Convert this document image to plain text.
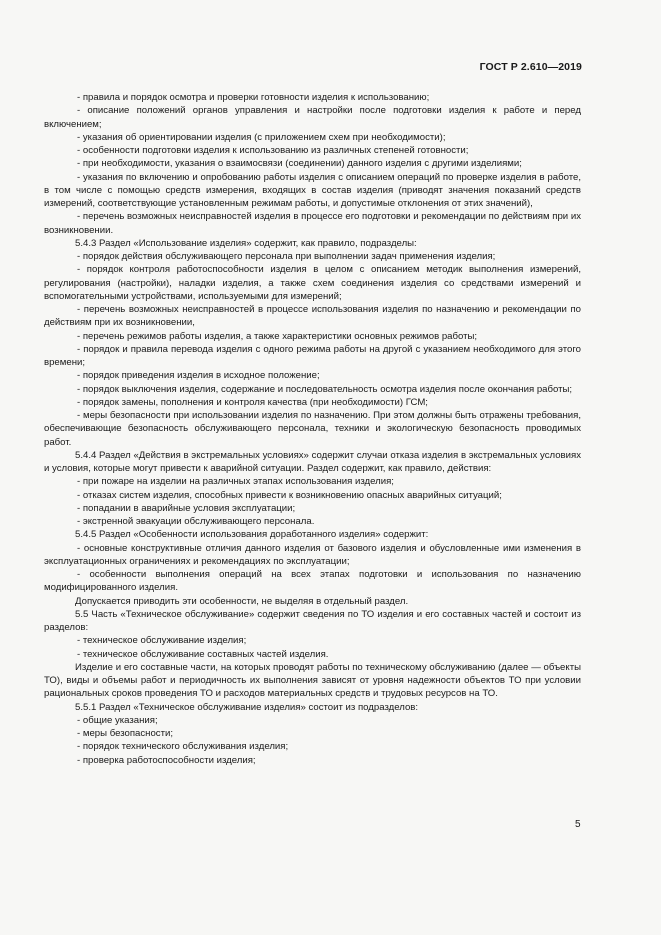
ГОСТ Р 2.610—2019

- правила и порядок осмотра и проверки готовности изделия к использованию;

- описание положений органов управления и настройки после подготовки изделия к работе и перед включением;

- указания об ориентировании изделия (с приложением схем при необходимости);

- особенности подготовки изделия к использованию из различных степеней готовности;

- при необходимости, указания о взаимосвязи (соединении) данного изделия с другими изделиями;

- указания по включению и опробованию работы изделия с описанием операций по проверке изделия в работе, в том числе с помощью средств измерения, входящих в состав изделия (приводят значения показаний средств измерений, соответствующие установленным режимам работы, и допустимые отклонения от этих значений),

- перечень возможных неисправностей изделия в процессе его подготовки и рекомендации по действиям при их возникновении.

5.4.3 Раздел «Использование изделия» содержит, как правило, подразделы:

- порядок действия обслуживающего персонала при выполнении задач применения изделия;

- порядок контроля работоспособности изделия в целом с описанием методик выполнения измерений, регулирования (настройки), наладки изделия, а также схем соединения изделия со средствами измерений и вспомогательными устройствами, используемыми для измерений;

- перечень возможных неисправностей в процессе использования изделия по назначению и рекомендации по действиям при их возникновении,

- перечень режимов работы изделия, а также характеристики основных режимов работы;

- порядок и правила перевода изделия с одного режима работы на другой с указанием необходимого для этого времени;

- порядок приведения изделия в исходное положение;

- порядок выключения изделия, содержание и последовательность осмотра изделия после окончания работы;

- порядок замены, пополнения и контроля качества (при необходимости) ГСМ;

- меры безопасности при использовании изделия по назначению. При этом должны быть отражены требования, обеспечивающие безопасность обслуживающего персонала, техники и экологическую безопасность проводимых работ.

5.4.4 Раздел «Действия в экстремальных условиях» содержит случаи отказа изделия в экстремальных условиях и условия, которые могут привести к аварийной ситуации. Раздел содержит, как правило, действия:

- при пожаре на изделии на различных этапах использования изделия;

- отказах систем изделия, способных привести к возникновению опасных аварийных ситуаций;

- попадании в аварийные условия эксплуатации;

- экстренной эвакуации обслуживающего персонала.

5.4.5 Раздел «Особенности использования доработанного изделия» содержит:

- основные конструктивные отличия данного изделия от базового изделия и обусловленные ими изменения в эксплуатационных ограничениях и рекомендациях по эксплуатации;

- особенности выполнения операций на всех этапах подготовки и использования по назначению модифицированного изделия.

Допускается приводить эти особенности, не выделяя в отдельный раздел.

5.5 Часть «Техническое обслуживание» содержит сведения по ТО изделия и его составных частей и состоит из разделов:

- техническое обслуживание изделия;

- техническое обслуживание составных частей изделия.

Изделие и его составные части, на которых проводят работы по техническому обслуживанию (далее — объекты ТО), виды и объемы работ и периодичность их выполнения зависят от уровня надежности объектов ТО при условии рациональных сроков проведения ТО и расходов материальных средств и трудовых ресурсов на ТО.

5.5.1 Раздел «Техническое обслуживание изделия» состоит из подразделов:

- общие указания;

- меры безопасности;

- порядок технического обслуживания изделия;

- проверка работоспособности изделия;

5
